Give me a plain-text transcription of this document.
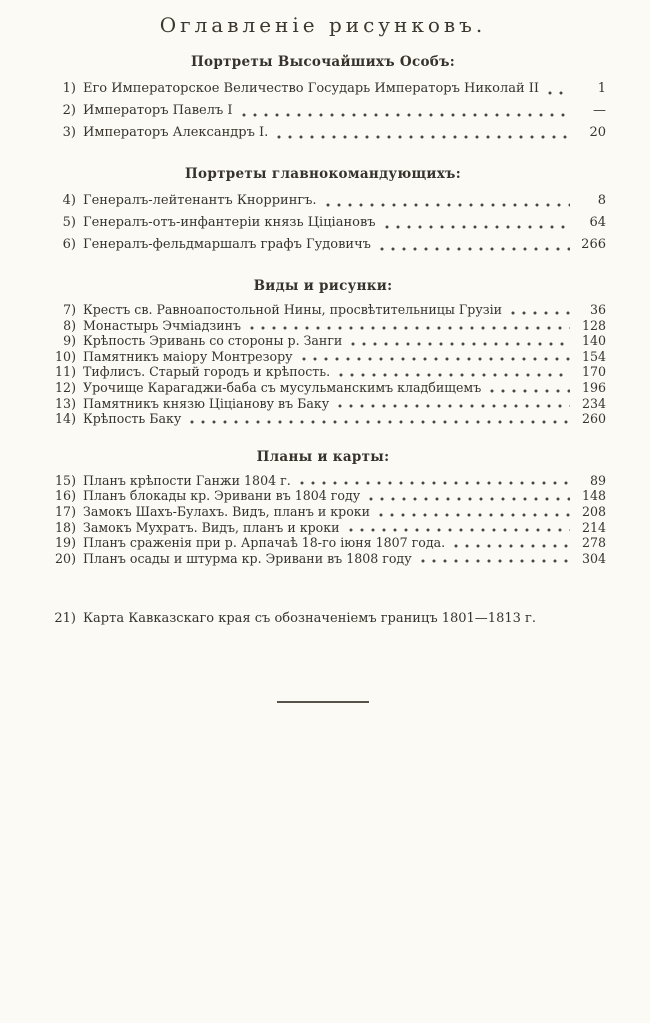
Оглавленіе рисунковъ.
Портреты Высочайшихъ Особъ:
1) Его Императорское Величество Государь Императоръ Николай II	1
2) Императоръ Павелъ I	—
3) Императоръ Александръ I.	20
Портреты главнокомандующихъ:
4) Генералъ-лейтенантъ Кноррингъ.	8
5) Генералъ-отъ-инфантеріи князь Ціціановъ	64
6) Генералъ-фельдмаршалъ графъ Гудовичъ	266
Виды и рисунки:
7) Крестъ св. Равноапостольной Нины, просвѣтительницы Грузіи	36
8) Монастырь Эчміадзинъ	128
9) Крѣпость Эривань со стороны р. Занги	140
10) Памятникъ маіору Монтрезору	154
11) Тифлисъ. Старый городъ и крѣпость.	170
12) Урочище Карагаджи-баба съ мусульманскимъ кладбищемъ	196
13) Памятникъ князю Ціціанову въ Баку	234
14) Крѣпость Баку	260
Планы и карты:
15) Планъ крѣпости Ганжи 1804 г.	89
16) Планъ блокады кр. Эривани въ 1804 году	148
17) Замокъ Шахъ-Булахъ. Видъ, планъ и кроки	208
18) Замокъ Мухратъ. Видъ, планъ и кроки	214
19) Планъ сраженія при р. Арпачаѣ 18-го іюня 1807 года.	278
20) Планъ осады и штурма кр. Эривани въ 1808 году	304
21) Карта Кавказскаго края съ обозначеніемъ границъ 1801—1813 г.
